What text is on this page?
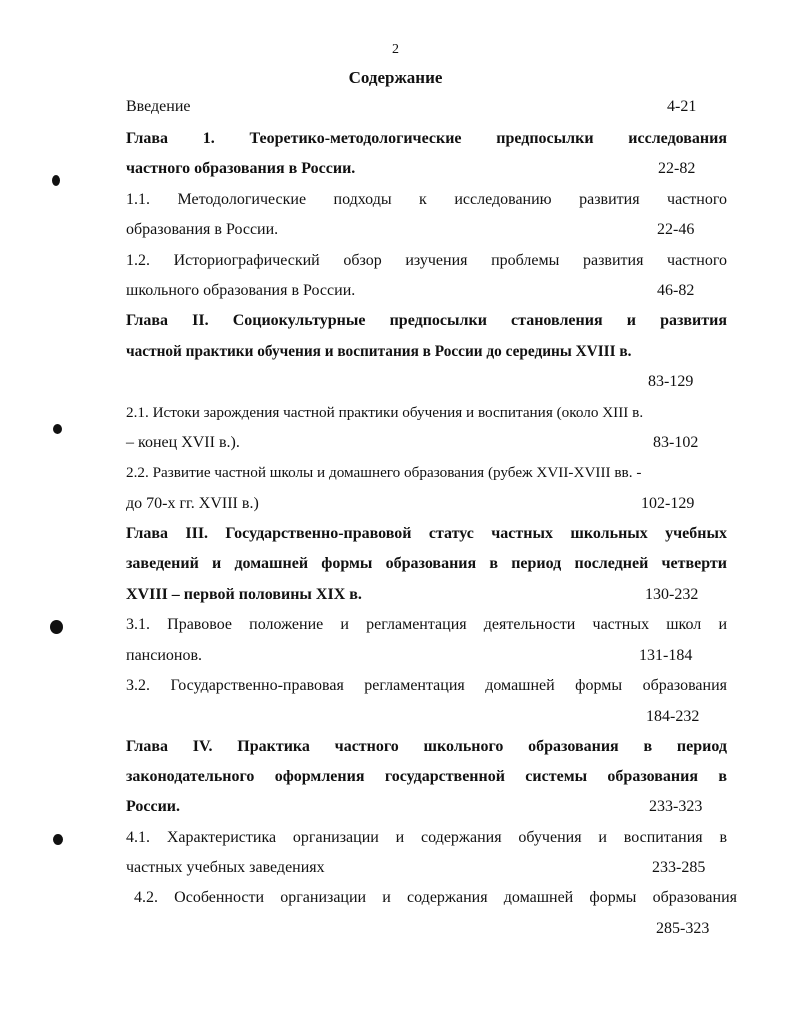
2
Содержание
Введение	4-21
Глава 1. Теоретико-методологические предпосылки исследования
частного образования в России.	22-82
1.1. Методологические подходы к исследованию развития частного
образования в России.	22-46
1.2. Историографический обзор изучения проблемы развития частного
школьного образования в России.	46-82
Глава II. Социокультурные предпосылки становления и развития
частной практики обучения и воспитания в России до середины XVIII в.
83-129
2.1. Истоки зарождения частной практики обучения и воспитания (около XIII в.
– конец XVII в.).	83-102
2.2. Развитие частной школы и домашнего образования (рубеж XVII-XVIII вв. -
до 70-х гг. XVIII в.)	102-129
Глава III. Государственно-правовой статус частных школьных учебных
заведений и домашней формы образования в период последней четверти
XVIII – первой половины XIX в.	130-232
3.1. Правовое положение и регламентация деятельности частных школ и
пансионов.	131-184
3.2. Государственно-правовая регламентация домашней формы образования
184-232
Глава IV. Практика частного школьного образования в период
законодательного оформления государственной системы образования в
России.	233-323
4.1. Характеристика организации и содержания обучения и воспитания в
частных учебных заведениях	233-285
4.2. Особенности организации и содержания домашней формы образования
285-323
